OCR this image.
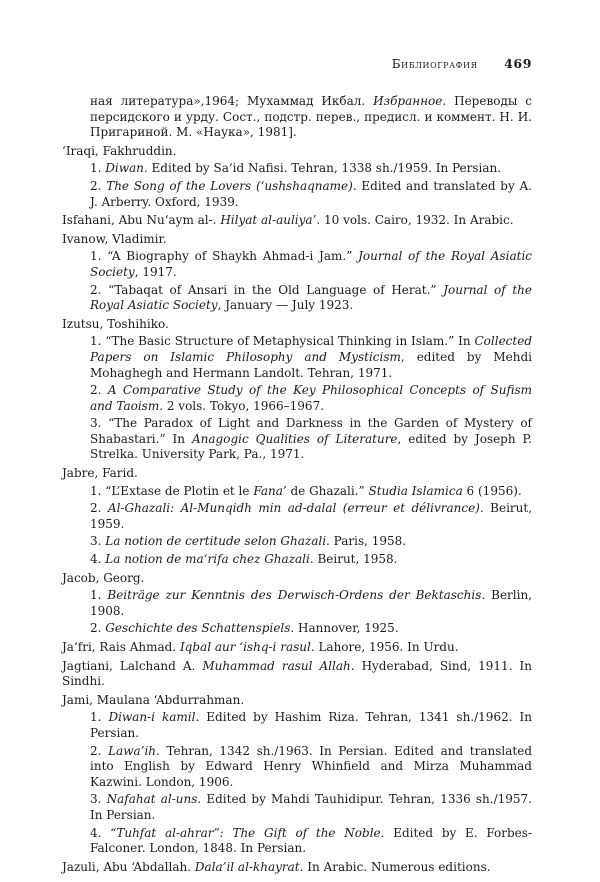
Библиография 469
ная литература»,1964; Мухаммад Икбал. Избранное. Переводы с персидского и урду. Сост., подстр. перев., предисл. и коммент. Н. И. Пригариной. М. «Наука», 1981].
‘Iraqi, Fakhruddin.
1. Diwan. Edited by Sa‘id Nafisi. Tehran, 1338 sh./1959. In Persian.
2. The Song of the Lovers (‘ushshaqname). Edited and translated by A. J. Arberry. Oxford, 1939.
Isfahani, Abu Nu‘aym al-. Hilyat al-auliya’. 10 vols. Cairo, 1932. In Arabic.
Ivanow, Vladimir.
1. “A Biography of Shaykh Ahmad-i Jam.” Journal of the Royal Asiatic Society, 1917.
2. “Tabaqat of Ansari in the Old Language of Herat.” Journal of the Royal Asiatic Society, January — July 1923.
Izutsu, Toshihiko.
1. “The Basic Structure of Metaphysical Thinking in Islam.” In Collected Papers on Islamic Philosophy and Mysticism, edited by Mehdi Mohaghegh and Hermann Landolt. Tehran, 1971.
2. A Comparative Study of the Key Philosophical Concepts of Sufism and Taoism. 2 vols. Tokyo, 1966–1967.
3. “The Paradox of Light and Darkness in the Garden of Mystery of Shabastari.” In Anagogic Qualities of Literature, edited by Joseph P. Strelka. University Park, Pa., 1971.
Jabre, Farid.
1. “L’Extase de Plotin et le Fana’ de Ghazali.” Studia Islamica 6 (1956).
2. Al-Ghazali: Al-Munqidh min ad-dalal (erreur et délivrance). Beirut, 1959.
3. La notion de certitude selon Ghazali. Paris, 1958.
4. La notion de ma‘rifa chez Ghazali. Beirut, 1958.
Jacob, Georg.
1. Beiträge zur Kenntnis des Derwisch-Ordens der Bektaschis. Berlin, 1908.
2. Geschichte des Schattenspiels. Hannover, 1925.
Ja‘fri, Rais Ahmad. Iqbal aur ‘ishq-i rasul. Lahore, 1956. In Urdu.
Jagtiani, Lalchand A. Muhammad rasul Allah. Hyderabad, Sind, 1911. In Sindhi.
Jami, Maulana ‘Abdurrahman.
1. Diwan-i kamil. Edited by Hashim Riza. Tehran, 1341 sh./1962. In Persian.
2. Lawa’ih. Tehran, 1342 sh./1963. In Persian. Edited and translated into English by Edward Henry Whinfield and Mirza Muhammad Kazwini. London, 1906.
3. Nafahat al-uns. Edited by Mahdi Tauhidipur. Tehran, 1336 sh./1957. In Persian.
4. “Tuhfat al-ahrar”: The Gift of the Noble. Edited by E. Forbes-Falconer. London, 1848. In Persian.
Jazuli, Abu ‘Abdallah. Dala’il al-khayrat. In Arabic. Numerous editions.
